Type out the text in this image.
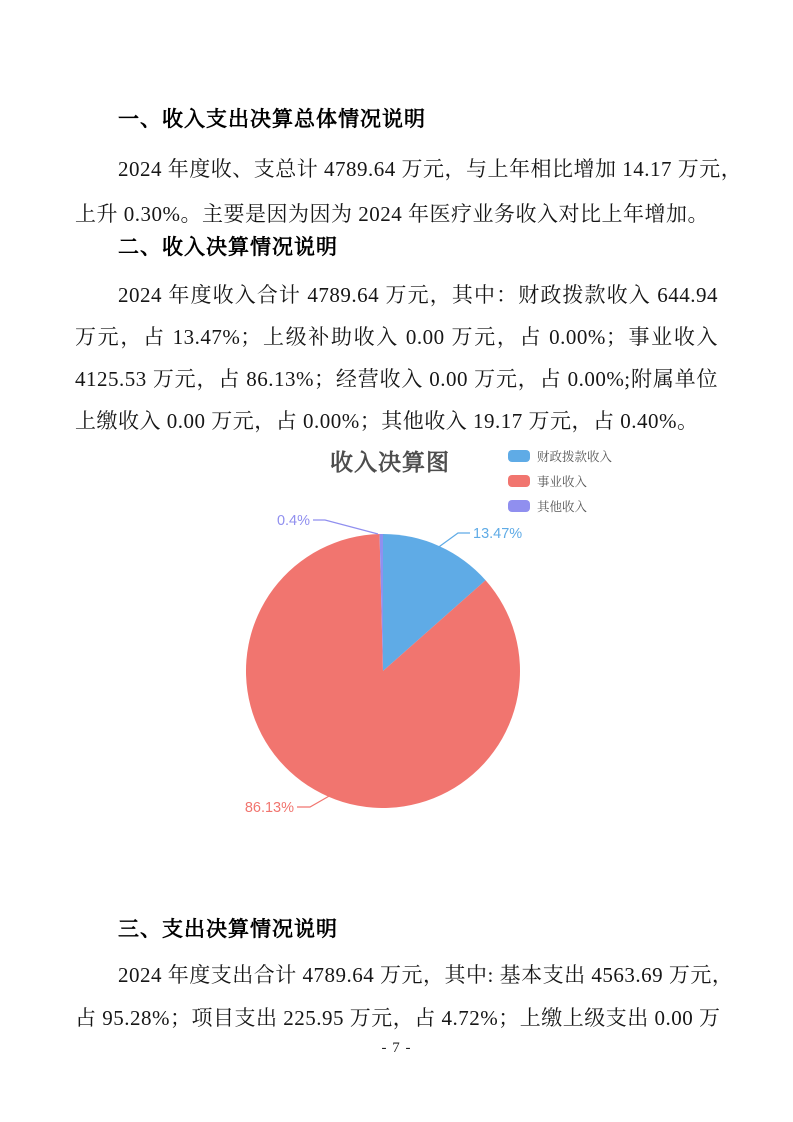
一、收入支出决算总体情况说明
2024 年度收、支总计 4789.64 万元，与上年相比增加 14.17 万元，
上升 0.30%。主要是因为因为 2024 年医疗业务收入对比上年增加。
二、收入决算情况说明
2024 年度收入合计 4789.64 万元，其中：财政拨款收入 644.94
万元，占 13.47%；上级补助收入 0.00 万元，占 0.00%；事业收入
4125.53 万元，占 86.13%；经营收入 0.00 万元，占 0.00%;附属单位
上缴收入 0.00 万元，占 0.00%；其他收入 19.17 万元，占 0.40%。
收入决算图	财政拨款收入
事业收入
其他收入
13.47%
86.13%
0.4%
三、支出决算情况说明
2024 年度支出合计 4789.64 万元，其中: 基本支出 4563.69 万元，
占 95.28%；项目支出 225.95 万元，占 4.72%；上缴上级支出 0.00 万
- 7 -
